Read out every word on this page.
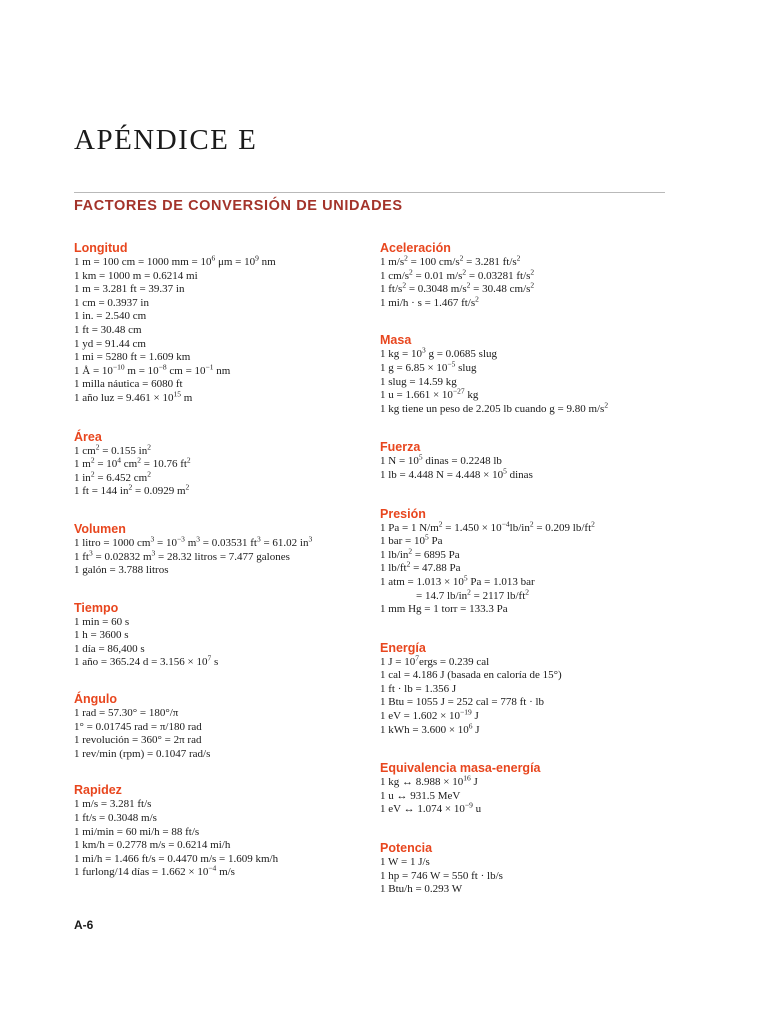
APÉNDICE E
FACTORES DE CONVERSIÓN DE UNIDADES
Longitud
1 m = 100 cm = 1000 mm = $10^6$ $\mu m = 10^9$ nm
1 km = 1000 m = 0.6214 mi
1 m = 3.281 ft = 39.37 in
1 cm = 0.3937 in
1 in. = 2.540 cm
1 ft = 30.48 cm
1 yd = 91.44 cm
1 mi = 5280 ft = 1.609 km
1 Å = $10^{-10}$ $m = 10^{-8}$ cm = $10^{-1}$ nm
1 milla náutica = 6080 ft
1 año luz = $9.461 \times 10^{15}$ m
Área
1 $cm^2 = 0.155$ $in^2$
1 $m^2 = 10^4$ $cm^2 = 10.76$ $ft^2$
1 $in^2 = 6.452$ $cm^2$
1 ft = 144 $in^2 = 0.0929$ $m^2$
Volumen
1 litro = 1000 $cm^3 = 10^{-3}$ $m^3 = 0.03531$ $ft^3 = 61.02$ $in^3$
1 $ft^3 = 0.02832$ $m^3 = 28.32$ litros = 7.477 galones
1 galón = 3.788 litros
Tiempo
1 min = 60 s
1 h = 3600 s
1 día = 86,400 s
1 año = 365.24 $d = 3.156 \times 10^7$ s
Ángulo
1 rad = 57.30° = 180°/π
1° = 0.01745 rad = π/180 rad
1 revolución = 360° = 2π rad
1 rev/min (rpm) = 0.1047 rad/s
Rapidez
1 m/s = 3.281 ft/s
1 ft/s = 0.3048 m/s
1 mi/min = 60 mi/h = 88 ft/s
1 km/h = 0.2778 m/s = 0.6214 mi/h
1 mi/h = 1.466 ft/s = 0.4470 m/s = 1.609 km/h
1 furlong/14 días = $1.662 \times 10^{-4}$ m/s
Aceleración
1 $m/s^2 = 100$ $cm/s^2 = 3.281$ $ft/s^2$
1 $cm/s^2 = 0.01$ $m/s^2 = 0.03281$ $ft/s^2$
1 $ft/s^2 = 0.3048$ $m/s^2 = 30.48$ $cm/s^2$
1 mi/h · s = 1.467 $ft/s^2$
Masa
1 kg = $10^3$ g = 0.0685 slug
1 $g = 6.85 \times 10^{-5}$ slug
1 slug = 14.59 kg
1 $u = 1.661 \times 10^{-27}$ kg
1 kg tiene un peso de 2.205 lb cuando g = 9.80 $m/s^2$
Fuerza
1 $N = 10^5$ dinas = 0.2248 lb
1 lb = 4.448 $N = 4.448 \times 10^5$ dinas
Presión
1 Pa = 1 $N/m^2 = 1.450 \times 10^{-4}lb/in^2 = 0.209$ $lb/ft^2$
1 bar = $10^5$ Pa
1 $lb/in^2 = 6895$ Pa
1 $lb/ft^2 = 47.88$ Pa
1 atm = $1.013 \times 10^5$ Pa = 1.013 bar
= 14.7 $lb/in^2 = 2117$ $lb/ft^2$
1 mm Hg = 1 torr = 133.3 Pa
Energía
1 $J = 10^7ergs = 0.239$ cal
1 cal = 4.186 J (basada en caloría de 15°)
1 ft · lb = 1.356 J
1 Btu = 1055 J = 252 cal = 778 ft · lb
1 eV = $1.602 \times 10^{-19}$ J
1 kWh = $3.600 \times 10^6$ J
Equivalencia masa-energía
1 kg ↔ $8.988 \times 10^{16}$ J
1 u ↔ 931.5 MeV
1 eV ↔ $1.074 \times 10^{-9}$ u
Potencia
1 W = 1 J/s
1 hp = 746 W = 550 ft · lb/s
1 Btu/h = 0.293 W
A-6
